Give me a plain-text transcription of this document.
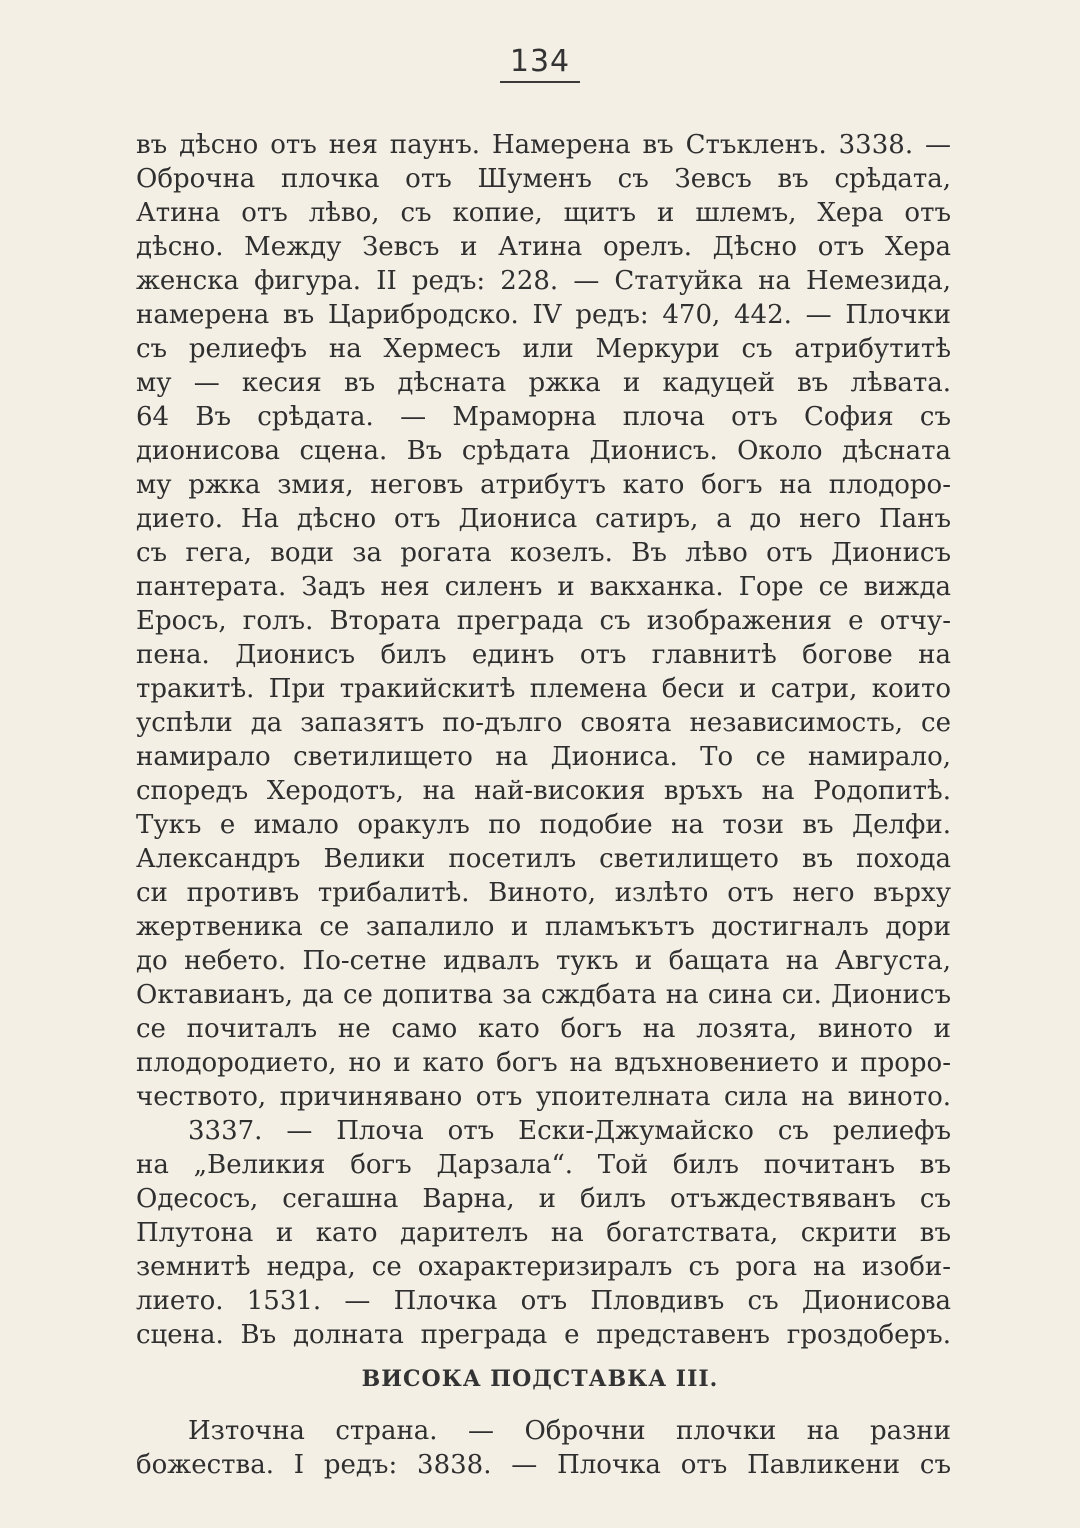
134
въ дѣсно отъ нея паунъ. Намерена въ Стъкленъ. 3338. —
Оброчна плочка отъ Шуменъ съ Зевсъ въ срѣдата,
Атина отъ лѣво, съ копие, щитъ и шлемъ, Хера отъ
дѣсно. Между Зевсъ и Атина орелъ. Дѣсно отъ Хера
женска фигура. II редъ: 228. — Статуйка на Немезида,
намерена въ Царибродско. IV редъ: 470, 442. — Плочки
съ релиефъ на Хермесъ или Меркури съ атрибутитѣ
му — кесия въ дѣсната ржка и кадуцей въ лѣвата.
64 Въ срѣдата. — Мраморна плоча отъ София съ
дионисова сцена. Въ срѣдата Дионисъ. Около дѣсната
му ржка змия, неговъ атрибутъ като богъ на плодоро-
дието. На дѣсно отъ Диониса сатиръ, а до него Панъ
съ гега, води за рогата козелъ. Въ лѣво отъ Дионисъ
пантерата. Задъ нея силенъ и вакханка. Горе се вижда
Еросъ, голъ. Втората преграда съ изображения е отчу-
пена. Дионисъ билъ единъ отъ главнитѣ богове на
тракитѣ. При тракийскитѣ племена беси и сатри, които
успѣли да запазятъ по-дълго своята независимость, се
намирало светилището на Диониса. То се намирало,
споредъ Херодотъ, на най-високия връхъ на Родопитѣ.
Тукъ е имало оракулъ по подобие на този въ Делфи.
Александръ Велики посетилъ светилището въ похода
си противъ трибалитѣ. Виното, излѣто отъ него върху
жертвеника се запалило и пламъкътъ достигналъ дори
до небето. По-сетне идвалъ тукъ и бащата на Августа,
Октавианъ, да се допитва за сждбата на сина си. Дионисъ
се почиталъ не само като богъ на лозята, виното и
плодородието, но и като богъ на вдъхновението и проро-
чеството, причинявано отъ упоителната сила на виното.
3337. — Плоча отъ Ески-Джумайско съ релиефъ
на „Великия богъ Дарзала“. Той билъ почитанъ въ
Одесосъ, сегашна Варна, и билъ отъждествяванъ съ
Плутона и като дарителъ на богатствата, скрити въ
земнитѣ недра, се охарактеризиралъ съ рога на изоби-
лието. 1531. — Плочка отъ Пловдивъ съ Дионисова
сцена. Въ долната преграда е представенъ гроздоберъ.
ВИСОКА ПОДСТАВКА III.
Източна страна. — Оброчни плочки на разни
божества. I редъ: 3838. — Плочка отъ Павликени съ
